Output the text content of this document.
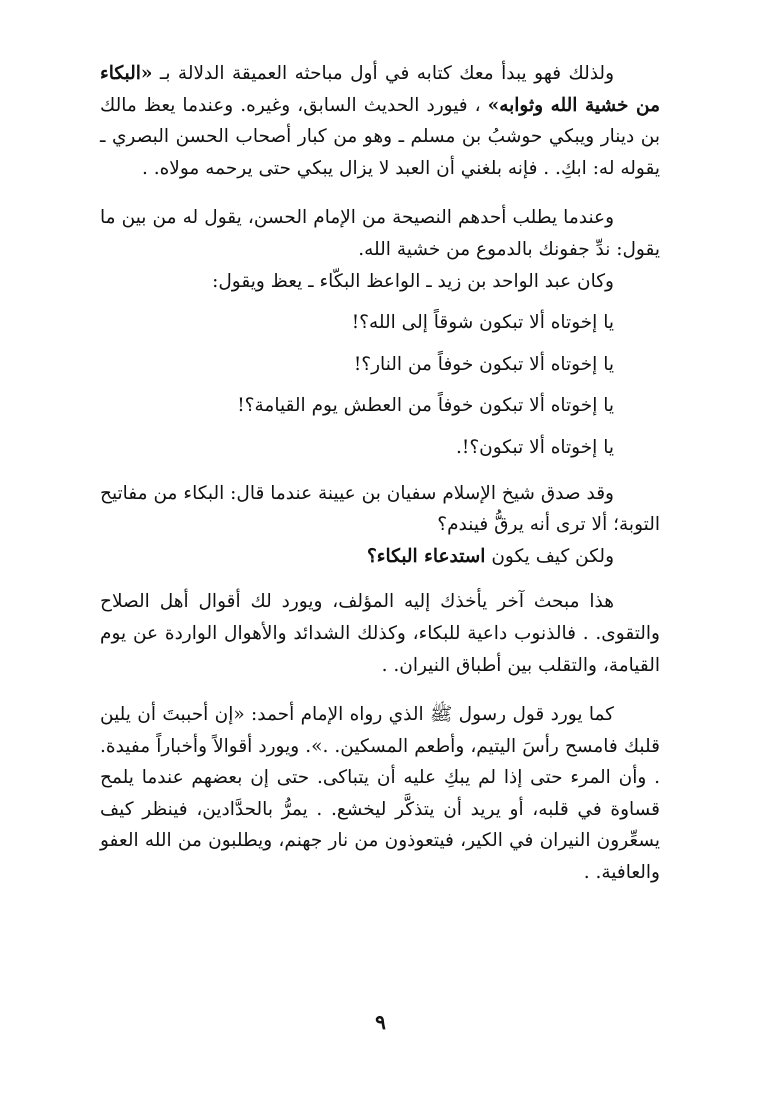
ولذلك فهو يبدأ معك كتابه في أول مباحثه العميقة الدلالة بـ «البكاء من خشية الله وثوابه» ، فيورد الحديث السابق، وغيره. وعندما يعظ مالك بن دينار ويبكي حوشبُ بن مسلم ـ وهو من كبار أصحاب الحسن البصري ـ يقوله له: ابكِ. . فإنه بلغني أن العبد لا يزال يبكي حتى يرحمه مولاه. .

وعندما يطلب أحدهم النصيحة من الإمام الحسن، يقول له من بين ما يقول: ندِّ جفونك بالدموع من خشية الله.

وكان عبد الواحد بن زيد ـ الواعظ البكّاء ـ يعظ ويقول:

يا إخوتاه ألا تبكون شوقاً إلى الله؟!

يا إخوتاه ألا تبكون خوفاً من النار؟!

يا إخوتاه ألا تبكون خوفاً من العطش يوم القيامة؟!

يا إخوتاه ألا تبكون؟!.

وقد صدق شيخ الإسلام سفيان بن عيينة عندما قال: البكاء من مفاتيح التوبة؛ ألا ترى أنه يرقُّ فيندم؟

ولكن كيف يكون استدعاء البكاء؟

هذا مبحث آخر يأخذك إليه المؤلف، ويورد لك أقوال أهل الصلاح والتقوى. . فالذنوب داعية للبكاء، وكذلك الشدائد والأهوال الواردة عن يوم القيامة، والتقلب بين أطباق النيران. .

كما يورد قول رسول ﷺ الذي رواه الإمام أحمد: «إن أحببتَ أن يلين قلبك فامسح رأسَ اليتيم، وأطعم المسكين. .». ويورد أقوالاً وأخباراً مفيدة. . وأن المرء حتى إذا لم يبكِ عليه أن يتباكى. حتى إن بعضهم عندما يلمح قساوة في قلبه، أو يريد أن يتذكَّر ليخشع. . يمرُّ بالحدَّادين، فينظر كيف يسعِّرون النيران في الكير، فيتعوذون من نار جهنم، ويطلبون من الله العفو والعافية. .

٩
